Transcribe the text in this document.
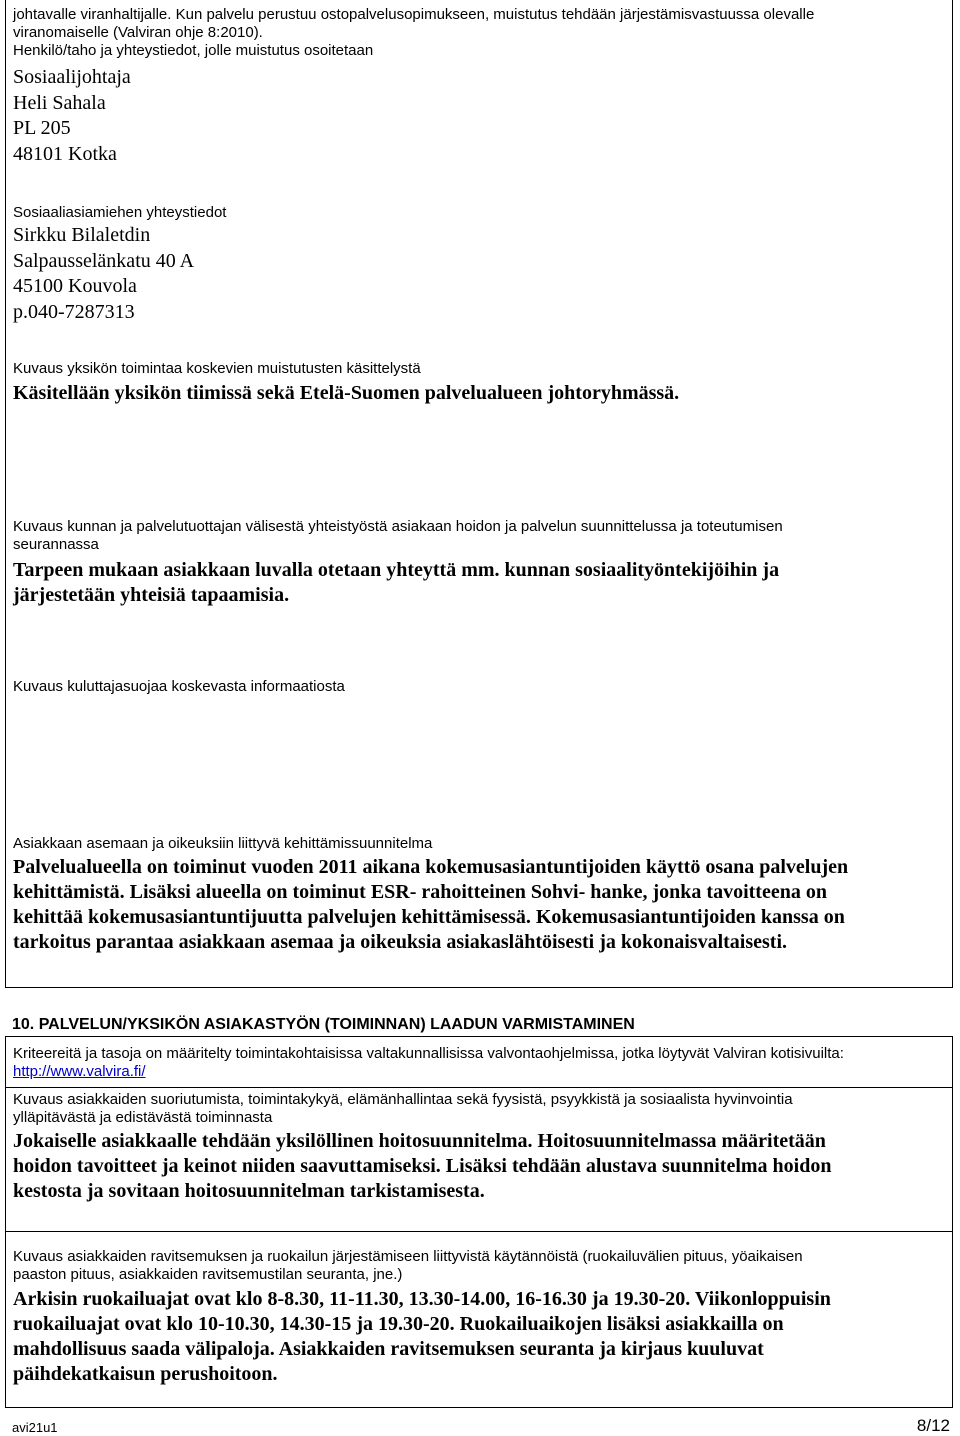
johtavalle viranhaltijalle. Kun palvelu perustuu ostopalvelusopimukseen, muistutus tehdään järjestämisvastuussa olevalle
viranomaiselle (Valviran ohje 8:2010).
Henkilö/taho ja yhteystiedot, jolle muistutus osoitetaan
Sosiaalijohtaja
Heli Sahala
PL 205
48101 Kotka
Sosiaaliasiamiehen yhteystiedot
Sirkku Bilaletdin
Salpausselänkatu 40 A
45100 Kouvola
p.040-7287313
Kuvaus yksikön toimintaa koskevien muistutusten käsittelystä
Käsitellään yksikön tiimissä sekä Etelä-Suomen palvelualueen johtoryhmässä.
Kuvaus kunnan ja palvelutuottajan välisestä yhteistyöstä asiakaan hoidon ja palvelun suunnittelussa ja toteutumisen
seurannassa
Tarpeen mukaan asiakkaan luvalla otetaan yhteyttä mm. kunnan sosiaalityöntekijöihin ja
järjestetään yhteisiä tapaamisia.
Kuvaus kuluttajasuojaa koskevasta informaatiosta
Asiakkaan asemaan ja oikeuksiin liittyvä kehittämissuunnitelma
Palvelualueella on toiminut vuoden 2011 aikana kokemusasiantuntijoiden käyttö osana palvelujen
kehittämistä. Lisäksi alueella on toiminut ESR- rahoitteinen Sohvi- hanke, jonka tavoitteena on
kehittää kokemusasiantuntijuutta palvelujen kehittämisessä. Kokemusasiantuntijoiden kanssa on
tarkoitus parantaa asiakkaan asemaa ja oikeuksia asiakaslähtöisesti ja kokonaisvaltaisesti.
10. PALVELUN/YKSIKÖN ASIAKASTYÖN (TOIMINNAN) LAADUN VARMISTAMINEN
Kriteereitä ja tasoja on määritelty toimintakohtaisissa valtakunnallisissa valvontaohjelmissa, jotka löytyvät Valviran kotisivuilta:
http://www.valvira.fi/
Kuvaus asiakkaiden suoriutumista, toimintakykyä, elämänhallintaa sekä fyysistä, psyykkistä ja sosiaalista hyvinvointia
ylläpitävästä ja edistävästä toiminnasta
Jokaiselle asiakkaalle tehdään yksilöllinen hoitosuunnitelma. Hoitosuunnitelmassa määritetään
hoidon tavoitteet ja keinot niiden saavuttamiseksi. Lisäksi tehdään alustava suunnitelma hoidon
kestosta ja sovitaan hoitosuunnitelman tarkistamisesta.
Kuvaus asiakkaiden ravitsemuksen ja ruokailun järjestämiseen liittyvistä käytännöistä (ruokailuvälien pituus, yöaikaisen
paaston pituus, asiakkaiden ravitsemustilan seuranta, jne.)
Arkisin ruokailuajat ovat klo 8-8.30, 11-11.30, 13.30-14.00, 16-16.30 ja 19.30-20. Viikonloppuisin
ruokailuajat ovat klo 10-10.30, 14.30-15 ja 19.30-20. Ruokailuaikojen lisäksi asiakkailla on
mahdollisuus saada välipaloja. Asiakkaiden ravitsemuksen seuranta ja kirjaus kuuluvat
päihdekatkaisun perushoitoon.
avi21u1	8/12
